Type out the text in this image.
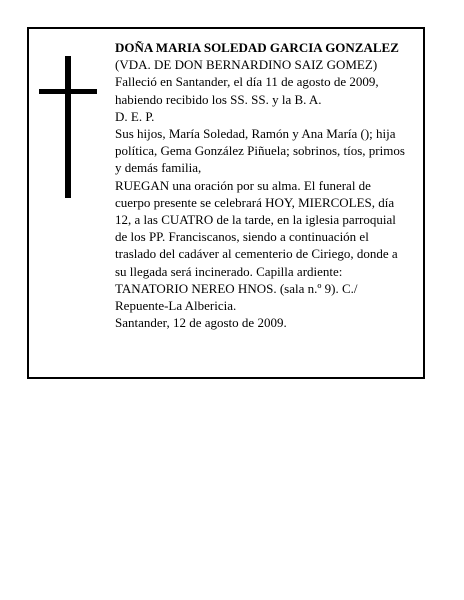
DOÑA MARIA SOLEDAD GARCIA GONZALEZ
(VDA. DE DON BERNARDINO SAIZ GOMEZ)
Falleció en Santander, el día 11 de agosto de 2009,
habiendo recibido los SS. SS. y la B. A.
D. E. P.
Sus hijos, María Soledad, Ramón y Ana María (); hija
política, Gema González Piñuela; sobrinos, tíos, primos
y demás familia,
RUEGAN una oración por su alma. El funeral de
cuerpo presente se celebrará HOY, MIERCOLES, día
12, a las CUATRO de la tarde, en la iglesia parroquial
de los PP. Franciscanos, siendo a continuación el
traslado del cadáver al cementerio de Ciriego, donde a
su llegada será incinerado. Capilla ardiente:
TANATORIO NEREO HNOS. (sala n.º 9). C./
Repuente-La Albericia.
Santander, 12 de agosto de 2009.
